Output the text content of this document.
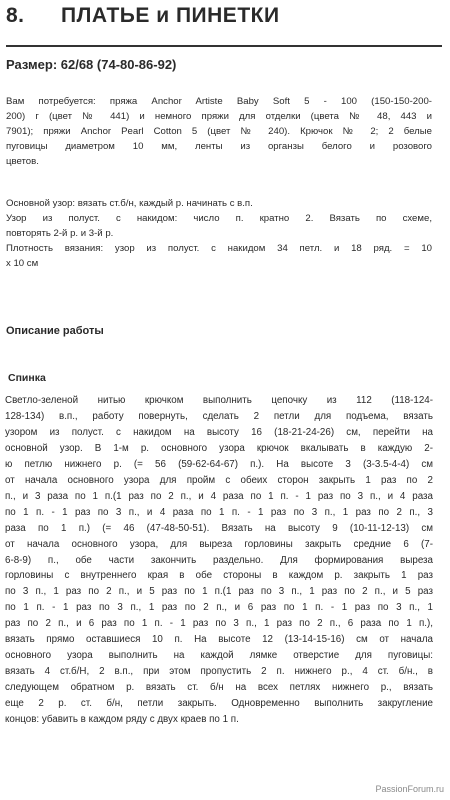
8. ПЛАТЬЕ и ПИНЕТКИ
Размер: 62/68 (74-80-86-92)
Вам потребуется: пряжа Anchor Artiste Baby Soft 5 - 100 (150-150-200-
200) г (цвет № 441) и немного пряжи для отделки (цвета № 48, 443 и
7901); пряжи Anchor Pearl Cotton 5 (цвет № 240). Крючок № 2; 2 белые
пуговицы диаметром 10 мм, ленты из органзы белого и розового
цветов.
Основной узор: вязать ст.б/н, каждый р. начинать с в.п.
Узор из полуст. с накидом: число п. кратно 2. Вязать по схеме,
повторять 2-й р. и 3-й р.
Плотность вязания: узор из полуст. с накидом 34 петл. и 18 ряд. = 10
х 10 см
Описание работы
Спинка
Светло-зеленой нитью крючком выполнить цепочку из 112 (118-124-
128-134) в.п., работу повернуть, сделать 2 петли для подъема, вязать
узором из полуст. с накидом на высоту 16 (18-21-24-26) см, перейти на
основной узор. В 1-м р. основного узора крючок вкалывать в каждую 2-
ю петлю нижнего р. (= 56 (59-62-64-67) п.). На высоте 3 (3-3.5-4-4) см
от начала основного узора для пройм с обеих сторон закрыть 1 раз по 2
п., и 3 раза по 1 п.(1 раз по 2 п., и 4 раза по 1 п. - 1 раз по 3 п., и 4 раза
по 1 п. - 1 раз по 3 п., и 4 раза по 1 п. - 1 раз по 3 п., 1 раз по 2 п., 3
раза по 1 п.) (= 46 (47-48-50-51). Вязать на высоту 9 (10-11-12-13) см
от начала основного узора, для выреза горловины закрыть средние 6 (7-
6-8-9) п., обе части закончить раздельно. Для формирования выреза
горловины с внутреннего края в обе стороны в каждом р. закрыть 1 раз
по 3 п., 1 раз по 2 п., и 5 раз по 1 п.(1 раз по 3 п., 1 раз по 2 п., и 5 раз
по 1 п. - 1 раз по 3 п., 1 раз по 2 п., и 6 раз по 1 п. - 1 раз по 3 п., 1
раз по 2 п., и 6 раз по 1 п. - 1 раз по 3 п., 1 раз по 2 п., 6 раза по 1 п.),
вязать прямо оставшиеся 10 п. На высоте 12 (13-14-15-16) см от начала
основного узора выполнить на каждой лямке отверстие для пуговицы:
вязать 4 ст.б/Н, 2 в.п., при этом пропустить 2 п. нижнего р., 4 ст. б/н., в
следующем обратном р. вязать ст. б/н на всех петлях нижнего р., вязать
еще 2 р. ст. б/н, петли закрыть. Одновременно выполнить закругление
концов: убавить в каждом ряду с двух краев по 1 п.
PassionForum.ru
